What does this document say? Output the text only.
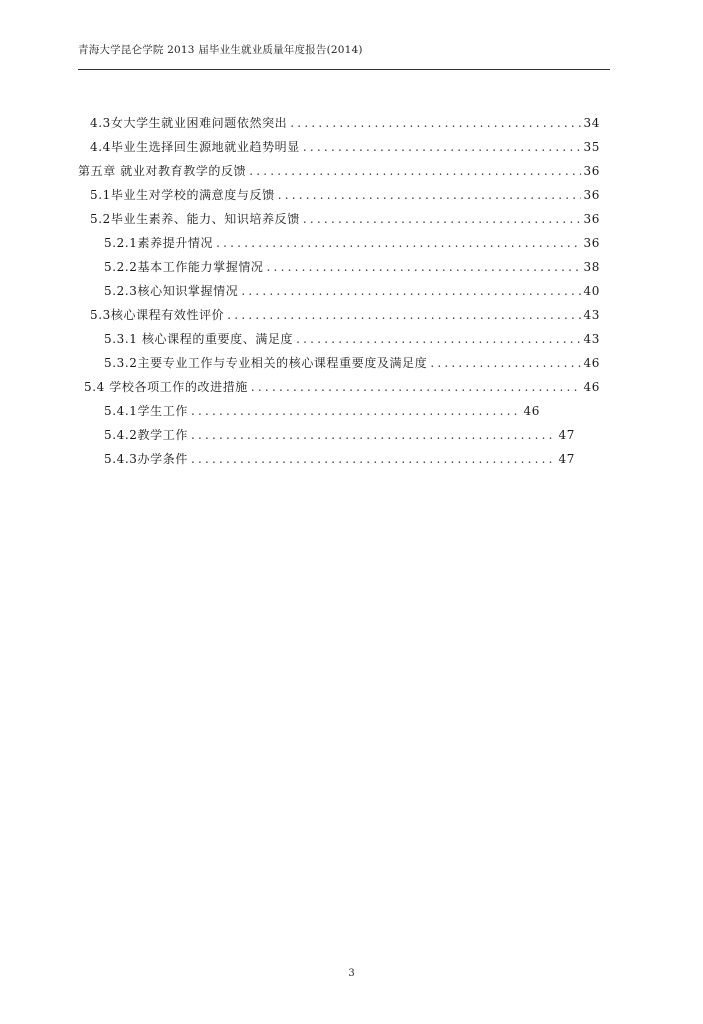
青海大学昆仑学院 2013 届毕业生就业质量年度报告(2014)
4.3女大学生就业困难问题依然突出 .....	34
4.4毕业生选择回生源地就业趋势明显 .....	35
第五章 就业对教育教学的反馈 .....	36
5.1毕业生对学校的满意度与反馈 .....	36
5.2毕业生素养、能力、知识培养反馈 .....	36
5.2.1素养提升情况 .....	36
5.2.2基本工作能力掌握情况 .....	38
5.2.3核心知识掌握情况 .....	40
5.3核心课程有效性评价 .....	43
5.3.1 核心课程的重要度、满足度 .....	43
5.3.2主要专业工作与专业相关的核心课程重要度及满足度 .....	46
5.4 学校各项工作的改进措施 .....	46
5.4.1学生工作 .....	46
5.4.2教学工作 .....	47
5.4.3办学条件 .....	47
3
